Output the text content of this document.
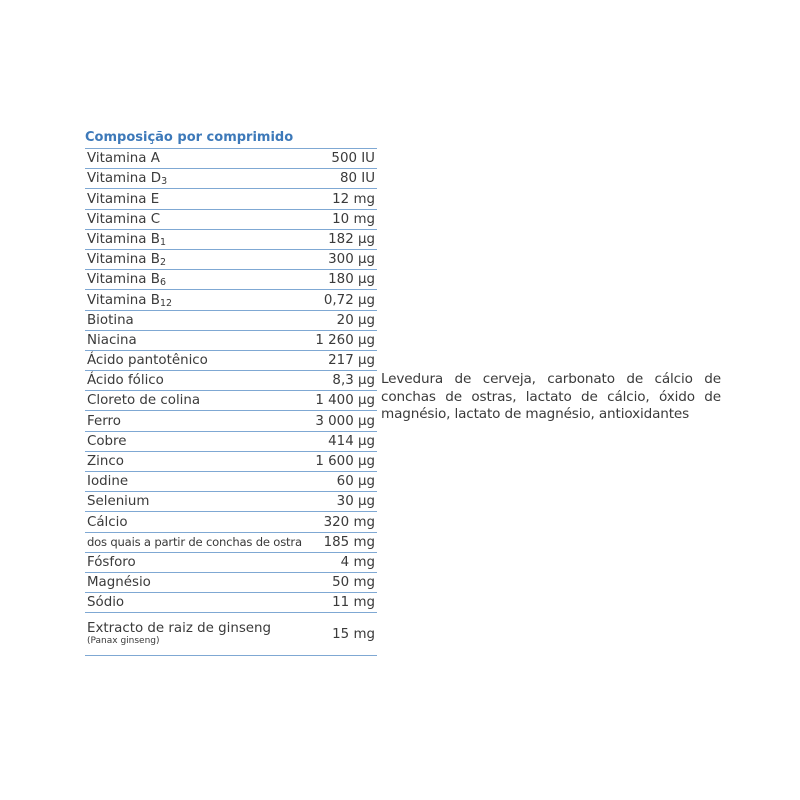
Composição por comprimido
Vitamina A	500 IU
Vitamina $D_3$	80 IU
Vitamina E	12 mg
Vitamina C	10 mg
Vitamina $B_1$	182 µg
Vitamina $B_2$	300 µg
Vitamina $B_6$	180 µg
Vitamina $B_{12}$	0,72 µg
Biotina	20 µg
Niacina	1 260 µg
Ácido pantotênico	217 µg
Ácido fólico	8,3 µg
Cloreto de colina	1 400 µg
Ferro	3 000 µg
Cobre	414 µg
Zinco	1 600 µg
Iodine	60 µg
Selenium	30 µg
Cálcio	320 mg
dos quais a partir de conchas de ostra 185 mg
Fósforo	4 mg
Magnésio	50 mg
Sódio	11 mg
Extracto de raiz de ginseng
(Panax ginseng)	15 mg
Levedura de cerveja, carbonato de cálcio de conchas de ostras, lactato de cálcio, óxido de magnésio, lactato de magnésio, antioxidantes
